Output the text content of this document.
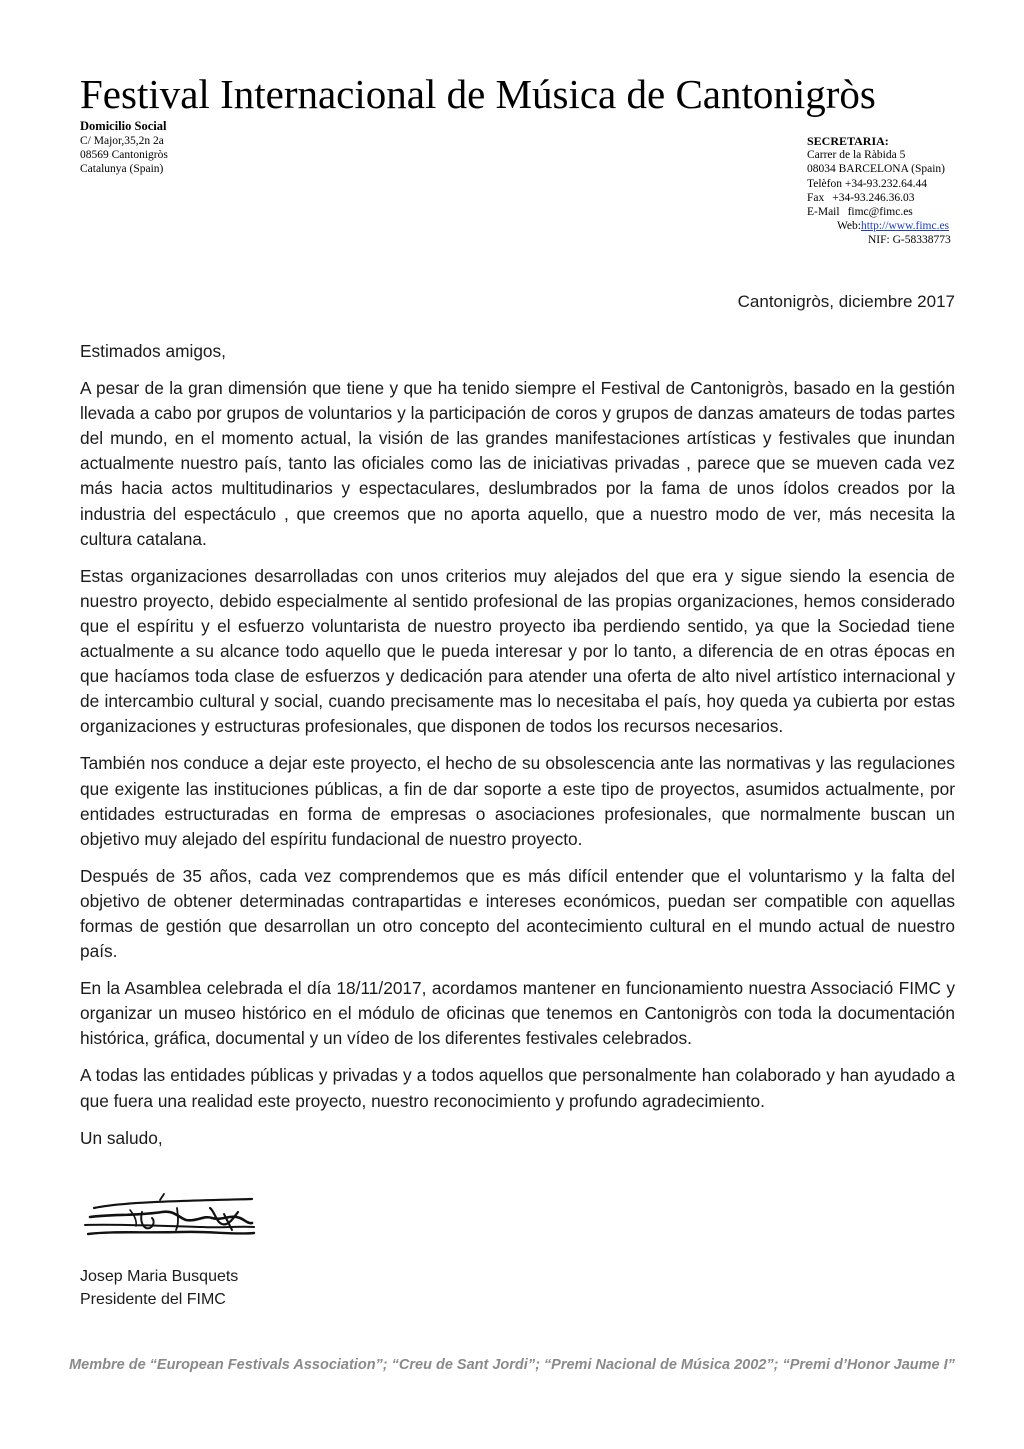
Festival Internacional de Música de Cantonigròs
Domicilio Social
C/ Major,35,2n 2a
08569 Cantonigròs
Catalunya (Spain)
SECRETARIA:
Carrer de la Ràbida 5
08034 BARCELONA (Spain)
Telèfon +34-93.232.64.44
Fax +34-93.246.36.03
E-Mail fimc@fimc.es
Web:http://www.fimc.es
NIF: G-58338773
Cantonigròs, diciembre 2017

Estimados amigos,

A pesar de la gran dimensión que tiene y que ha tenido siempre el Festival de Cantonigròs, basado en la gestión llevada a cabo por grupos de voluntarios y la participación de coros y grupos de danzas amateurs de todas partes del mundo, en el momento actual, la visión de las grandes manifestaciones artísticas y festivales que inundan actualmente nuestro país, tanto las oficiales como las de iniciativas privadas , parece que se mueven cada vez más hacia actos multitudinarios y espectaculares, deslumbrados por la fama de unos ídolos creados por la industria del espectáculo , que creemos que no aporta aquello, que a nuestro modo de ver, más necesita la cultura catalana.

Estas organizaciones desarrolladas con unos criterios muy alejados del que era y sigue siendo la esencia de nuestro proyecto, debido especialmente al sentido profesional de las propias organizaciones, hemos considerado que el espíritu y el esfuerzo voluntarista de nuestro proyecto iba perdiendo sentido, ya que la Sociedad tiene actualmente a su alcance todo aquello que le pueda interesar y por lo tanto, a diferencia de en otras épocas en que hacíamos toda clase de esfuerzos y dedicación para atender una oferta de alto nivel artístico internacional y de intercambio cultural y social, cuando precisamente mas lo necesitaba el país, hoy queda ya cubierta por estas organizaciones y estructuras profesionales, que disponen de todos los recursos necesarios.

También nos conduce a dejar este proyecto, el hecho de su obsolescencia ante las normativas y las regulaciones que exigente las instituciones públicas, a fin de dar soporte a este tipo de proyectos, asumidos actualmente, por entidades estructuradas en forma de empresas o asociaciones profesionales, que normalmente buscan un objetivo muy alejado del espíritu fundacional de nuestro proyecto.

Después de 35 años, cada vez comprendemos que es más difícil entender que el voluntarismo y la falta del objetivo de obtener determinadas contrapartidas e intereses económicos, puedan ser compatible con aquellas formas de gestión que desarrollan un otro concepto del acontecimiento cultural en el mundo actual de nuestro país.

En la Asamblea celebrada el día 18/11/2017, acordamos mantener en funcionamiento nuestra Associació FIMC y organizar un museo histórico en el módulo de oficinas que tenemos en Cantonigròs con toda la documentación histórica, gráfica, documental y un vídeo de los diferentes festivales celebrados.

A todas las entidades públicas y privadas y a todos aquellos que personalmente han colaborado y han ayudado a que fuera una realidad este proyecto, nuestro reconocimiento y profundo agradecimiento.

Un saludo,

Josep Maria Busquets
Presidente del FIMC
Membre de “European Festivals Association”; “Creu de Sant Jordi”; “Premi Nacional de Música 2002”; “Premi d’Honor Jaume I”
